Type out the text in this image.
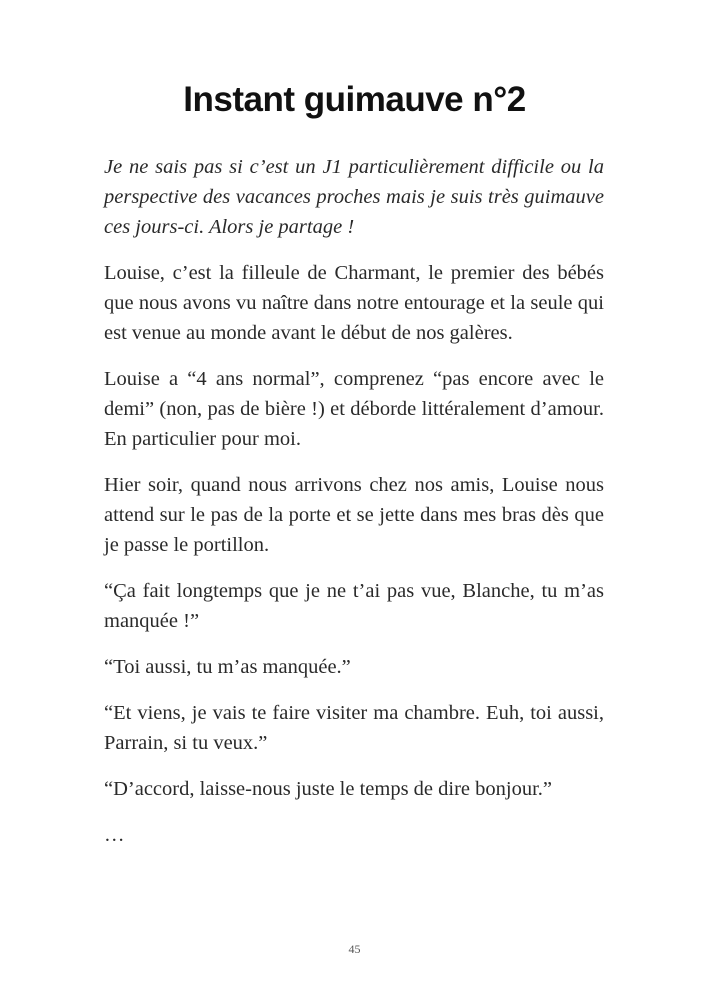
Instant guimauve n°2

Je ne sais pas si c’est un J1 particulièrement difficile ou la perspective des vacances proches mais je suis très guimauve ces jours-ci. Alors je partage !

Louise, c’est la filleule de Charmant, le premier des bébés que nous avons vu naître dans notre entourage et la seule qui est venue au monde avant le début de nos galères.

Louise a “4 ans normal”, comprenez “pas encore avec le demi” (non, pas de bière !) et déborde littéralement d’amour. En particulier pour moi.

Hier soir, quand nous arrivons chez nos amis, Louise nous attend sur le pas de la porte et se jette dans mes bras dès que je passe le portillon.

“Ça fait longtemps que je ne t’ai pas vue, Blanche, tu m’as manquée !”

“Toi aussi, tu m’as manquée.”

“Et viens, je vais te faire visiter ma chambre. Euh, toi aussi, Parrain, si tu veux.”

“D’accord, laisse-nous juste le temps de dire bonjour.”

…

45
